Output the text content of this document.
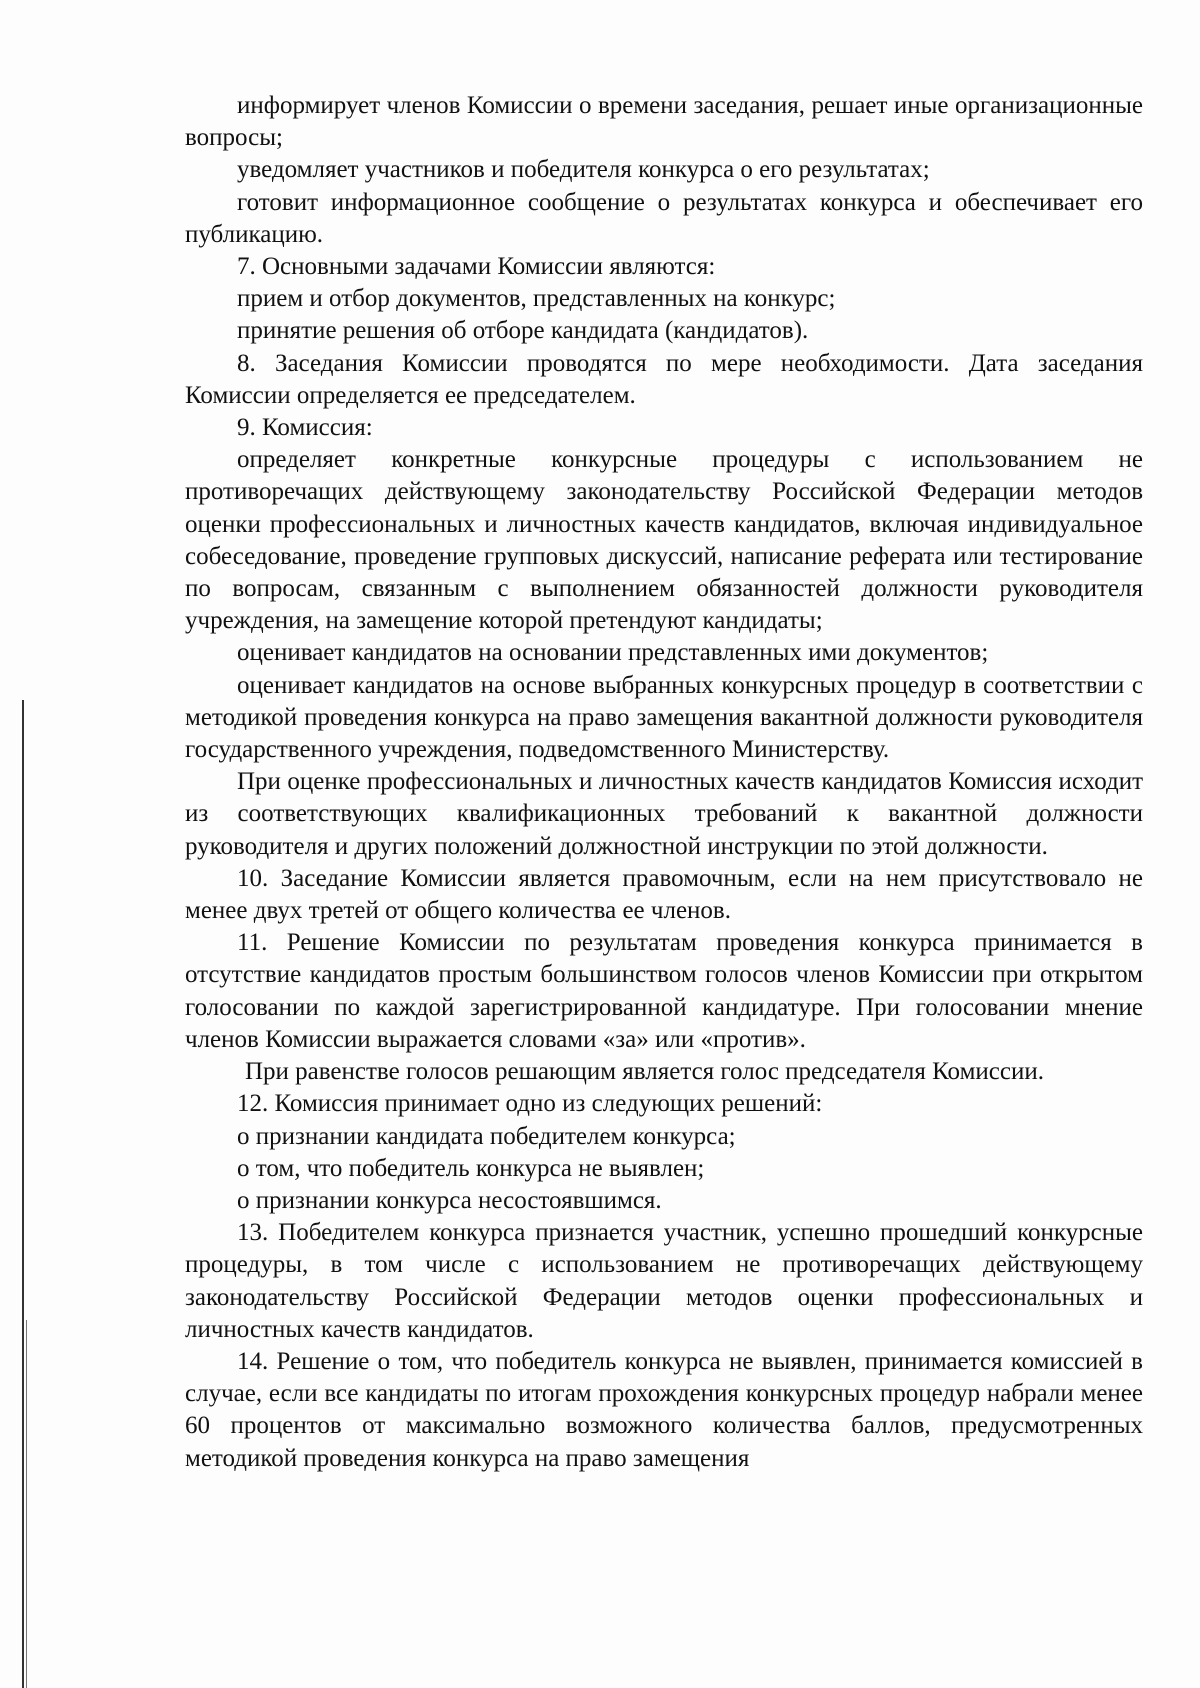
информирует членов Комиссии о времени заседания, решает иные организационные вопросы;

уведомляет участников и победителя конкурса о его результатах;

готовит информационное сообщение о результатах конкурса и обеспечивает его публикацию.

7. Основными задачами Комиссии являются:

прием и отбор документов, представленных на конкурс;

принятие решения об отборе кандидата (кандидатов).

8. Заседания Комиссии проводятся по мере необходимости. Дата заседания Комиссии определяется ее председателем.

9. Комиссия:

определяет конкретные конкурсные процедуры с использованием не противоречащих действующему законодательству Российской Федерации методов оценки профессиональных и личностных качеств кандидатов, включая индивидуальное собеседование, проведение групповых дискуссий, написание реферата или тестирование по вопросам, связанным с выполнением обязанностей должности руководителя учреждения, на замещение которой претендуют кандидаты;

оценивает кандидатов на основании представленных ими документов;

оценивает кандидатов на основе выбранных конкурсных процедур в соответствии с методикой проведения конкурса на право замещения вакантной должности руководителя государственного учреждения, подведомственного Министерству.

При оценке профессиональных и личностных качеств кандидатов Комиссия исходит из соответствующих квалификационных требований к вакантной должности руководителя и других положений должностной инструкции по этой должности.

10. Заседание Комиссии является правомочным, если на нем присутствовало не менее двух третей от общего количества ее членов.

11. Решение Комиссии по результатам проведения конкурса принимается в отсутствие кандидатов простым большинством голосов членов Комиссии при открытом голосовании по каждой зарегистрированной кандидатуре. При голосовании мнение членов Комиссии выражается словами «за» или «против».

При равенстве голосов решающим является голос председателя Комиссии.

12. Комиссия принимает одно из следующих решений:

о признании кандидата победителем конкурса;

о том, что победитель конкурса не выявлен;

о признании конкурса несостоявшимся.

13. Победителем конкурса признается участник, успешно прошедший конкурсные процедуры, в том числе с использованием не противоречащих действующему законодательству Российской Федерации методов оценки профессиональных и личностных качеств кандидатов.

14. Решение о том, что победитель конкурса не выявлен, принимается комиссией в случае, если все кандидаты по итогам прохождения конкурсных процедур набрали менее 60 процентов от максимально возможного количества баллов, предусмотренных методикой проведения конкурса на право замещения
